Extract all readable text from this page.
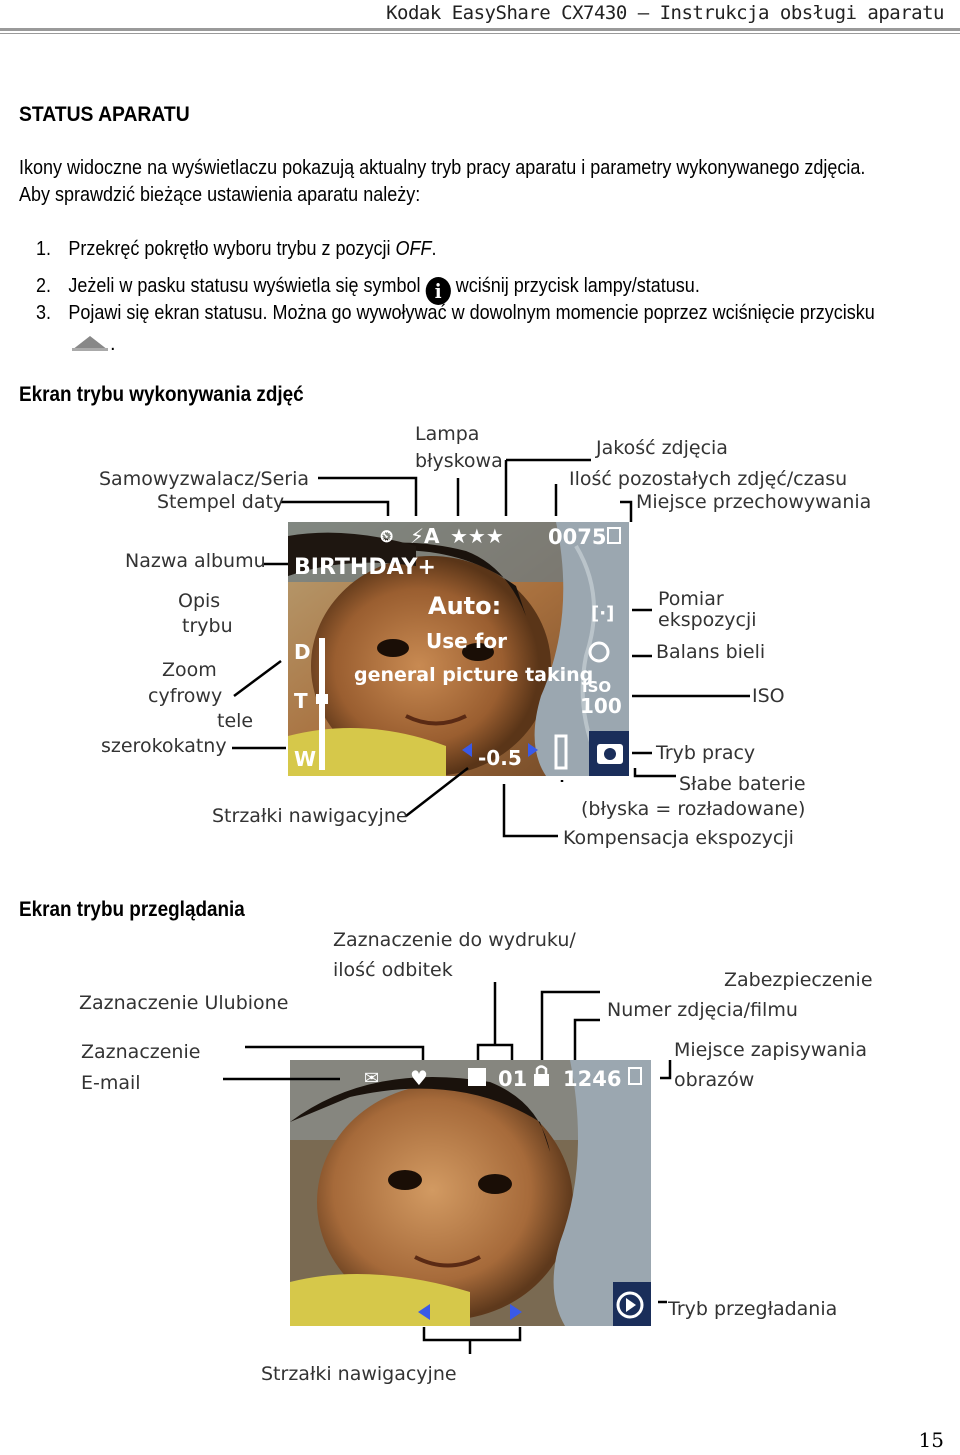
Kodak EasyShare CX7430 – Instrukcja obsługi aparatu
STATUS APARATU
Ikony widoczne na wyświetlaczu pokazują aktualny tryb pracy aparatu i parametry wykonywanego zdjęcia.
Aby sprawdzić bieżące ustawienia aparatu należy:
1. Przekręć pokrętło wyboru trybu z pozycji OFF.
2. Jeżeli w pasku statusu wyświetla się symbol i wciśnij przycisk lampy/statusu.
3. Pojawi się ekran statusu. Można go wywoływać w dowolnym momencie poprzez wciśnięcie przycisku
.
Ekran trybu wykonywania zdjęć
⏲ ⚡A ★★★ 0075
BIRTHDAY+
Auto:
Use for
general picture taking
D
T
W	-0.5
[·]
ISO
100
Lampa
błyskowa
Jakość zdjęcia
Ilość pozostałych zdjęć/czasu
Miejsce przechowywania
Samowyzwalacz/Seria
Stempel daty
Nazwa albumu
Opis
trybu
Zoom
cyfrowy
tele
szerokokatny
Pomiar
ekspozycji
Balans bieli
ISO
Tryb pracy
Słabe baterie
(błyska = rozładowane)
Kompensacja ekspozycji
Strzałki nawigacyjne
Ekran trybu przeglądania
✉ ♥	01 1246
Zaznaczenie do wydruku/
ilość odbitek	Zabezpieczenie
Numer zdjęcia/filmu
Zaznaczenie Ulubione
Zaznaczenie
E-mail
Miejsce zapisywania
obrazów
Tryb przegładania
Strzałki nawigacyjne
15
